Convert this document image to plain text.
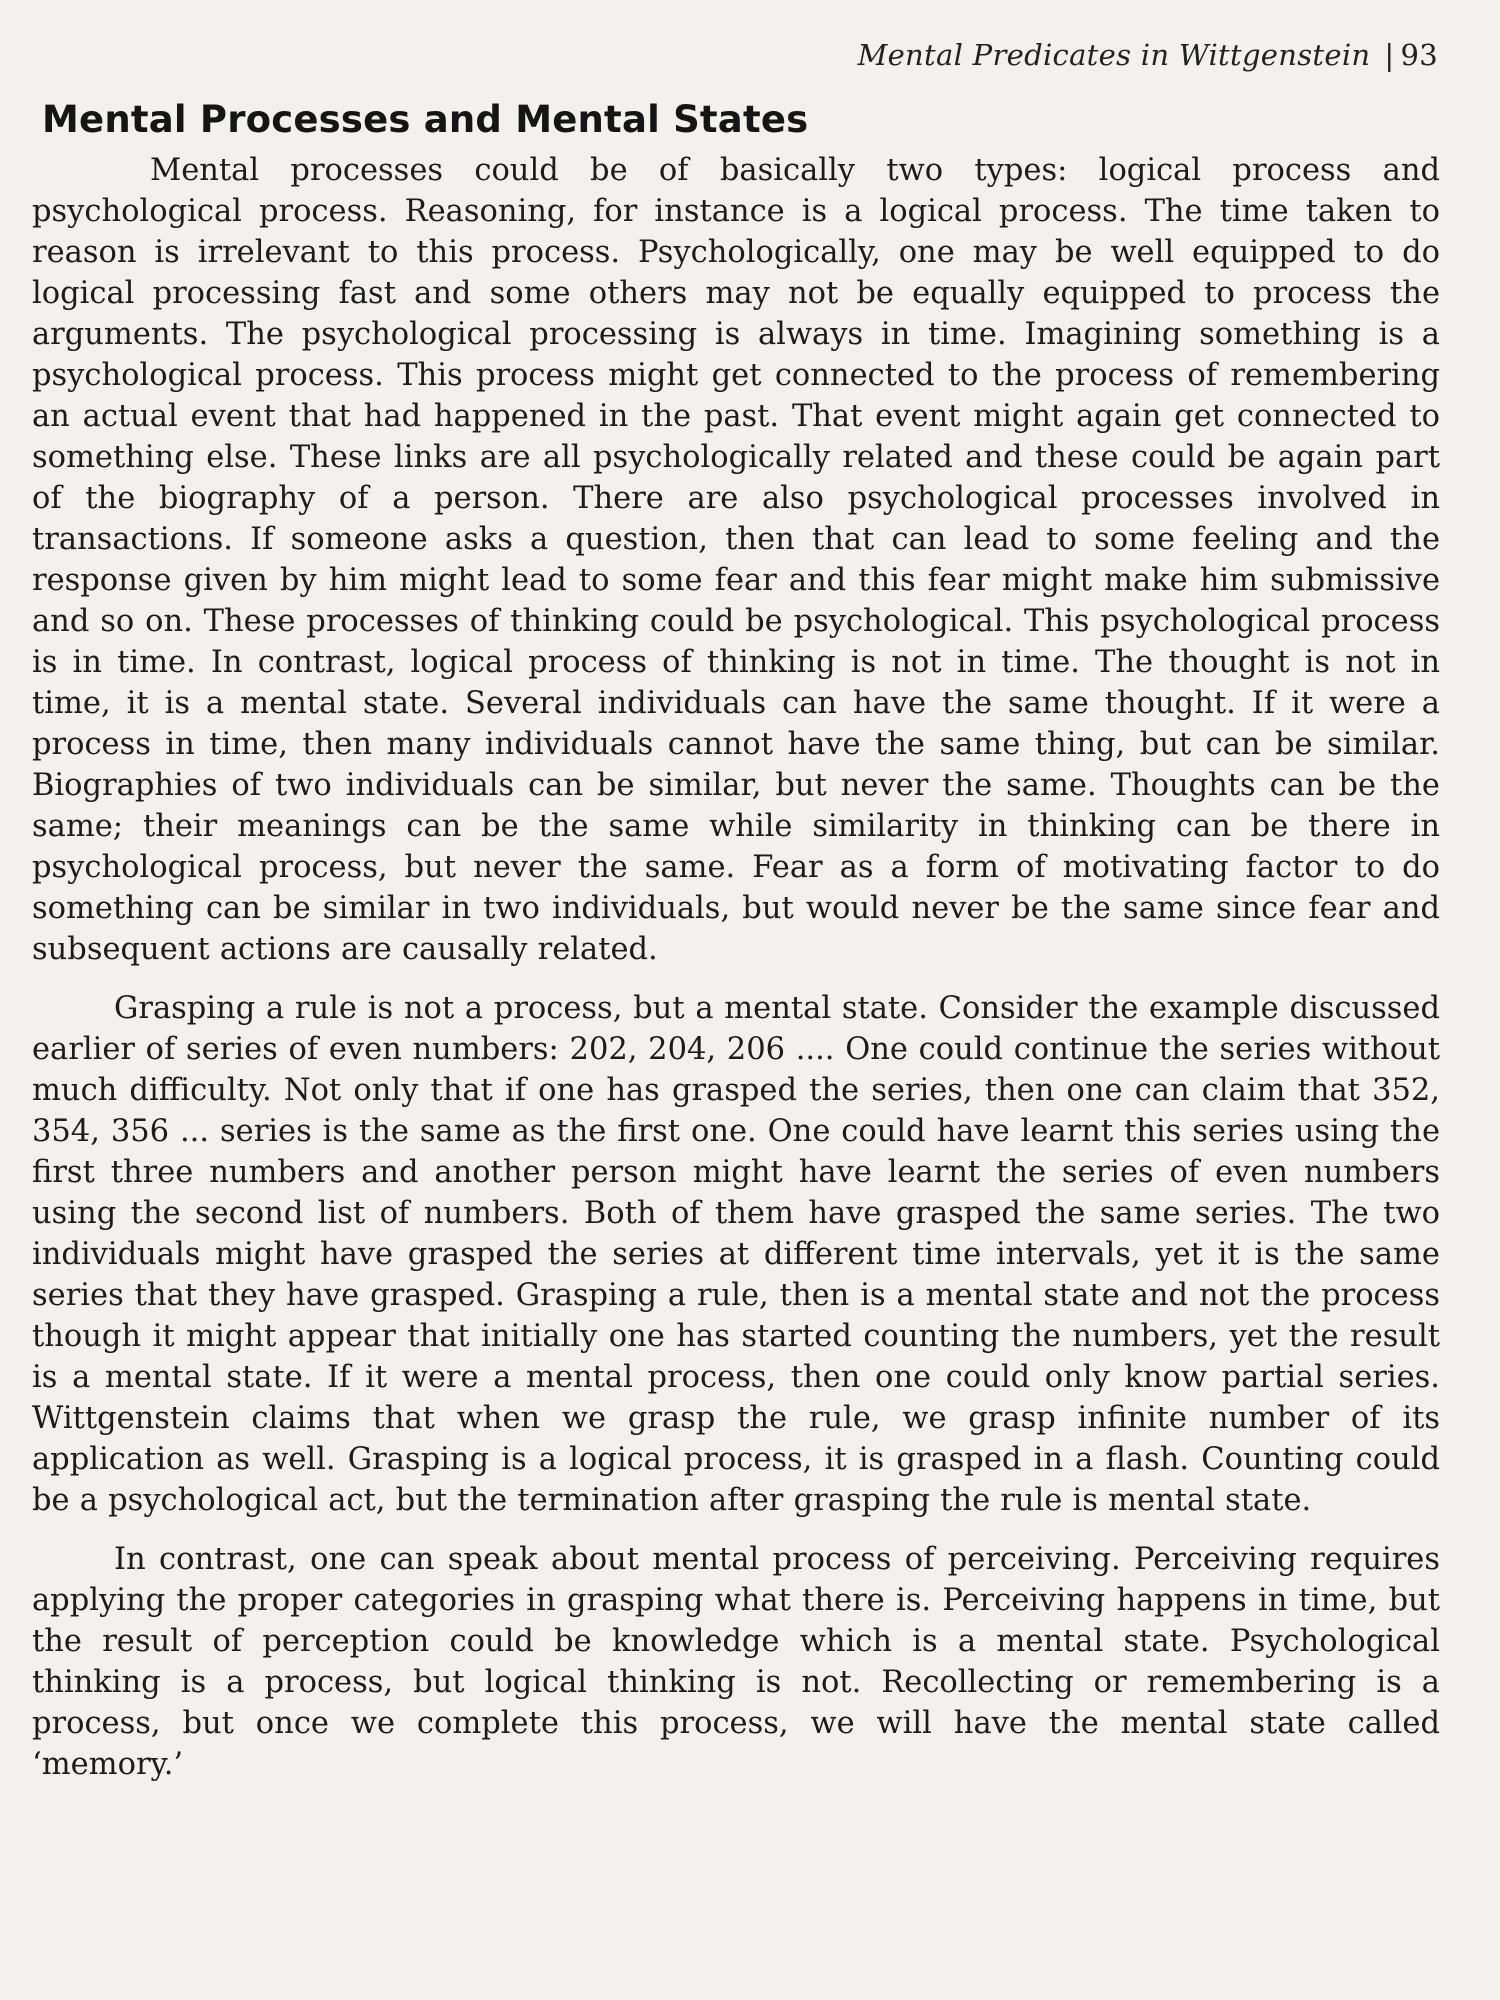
Mental Predicates in Wittgenstein | 93
Mental Processes and Mental States

Mental processes could be of basically two types: logical process and psychological process. Reasoning, for instance is a logical process. The time taken to reason is irrelevant to this process. Psychologically, one may be well equipped to do logical processing fast and some others may not be equally equipped to process the arguments. The psychological processing is always in time. Imagining something is a psychological process. This process might get connected to the process of remembering an actual event that had happened in the past. That event might again get connected to something else. These links are all psychologically related and these could be again part of the biography of a person. There are also psychological processes involved in transactions. If someone asks a question, then that can lead to some feeling and the response given by him might lead to some fear and this fear might make him submissive and so on. These processes of thinking could be psychological. This psychological process is in time. In contrast, logical process of thinking is not in time. The thought is not in time, it is a mental state. Several individuals can have the same thought. If it were a process in time, then many individuals cannot have the same thing, but can be similar. Biographies of two individuals can be similar, but never the same. Thoughts can be the same; their meanings can be the same while similarity in thinking can be there in psychological process, but never the same. Fear as a form of motivating factor to do something can be similar in two individuals, but would never be the same since fear and subsequent actions are causally related.

Grasping a rule is not a process, but a mental state. Consider the example discussed earlier of series of even numbers: 202, 204, 206 .... One could continue the series without much difficulty. Not only that if one has grasped the series, then one can claim that 352, 354, 356 ... series is the same as the first one. One could have learnt this series using the first three numbers and another person might have learnt the series of even numbers using the second list of numbers. Both of them have grasped the same series. The two individuals might have grasped the series at different time intervals, yet it is the same series that they have grasped. Grasping a rule, then is a mental state and not the process though it might appear that initially one has started counting the numbers, yet the result is a mental state. If it were a mental process, then one could only know partial series. Wittgenstein claims that when we grasp the rule, we grasp infinite number of its application as well. Grasping is a logical process, it is grasped in a flash. Counting could be a psychological act, but the termination after grasping the rule is mental state.

In contrast, one can speak about mental process of perceiving. Perceiving requires applying the proper categories in grasping what there is. Perceiving happens in time, but the result of perception could be knowledge which is a mental state. Psychological thinking is a process, but logical thinking is not. Recollecting or remembering is a process, but once we complete this process, we will have the mental state called ‘memory.’
